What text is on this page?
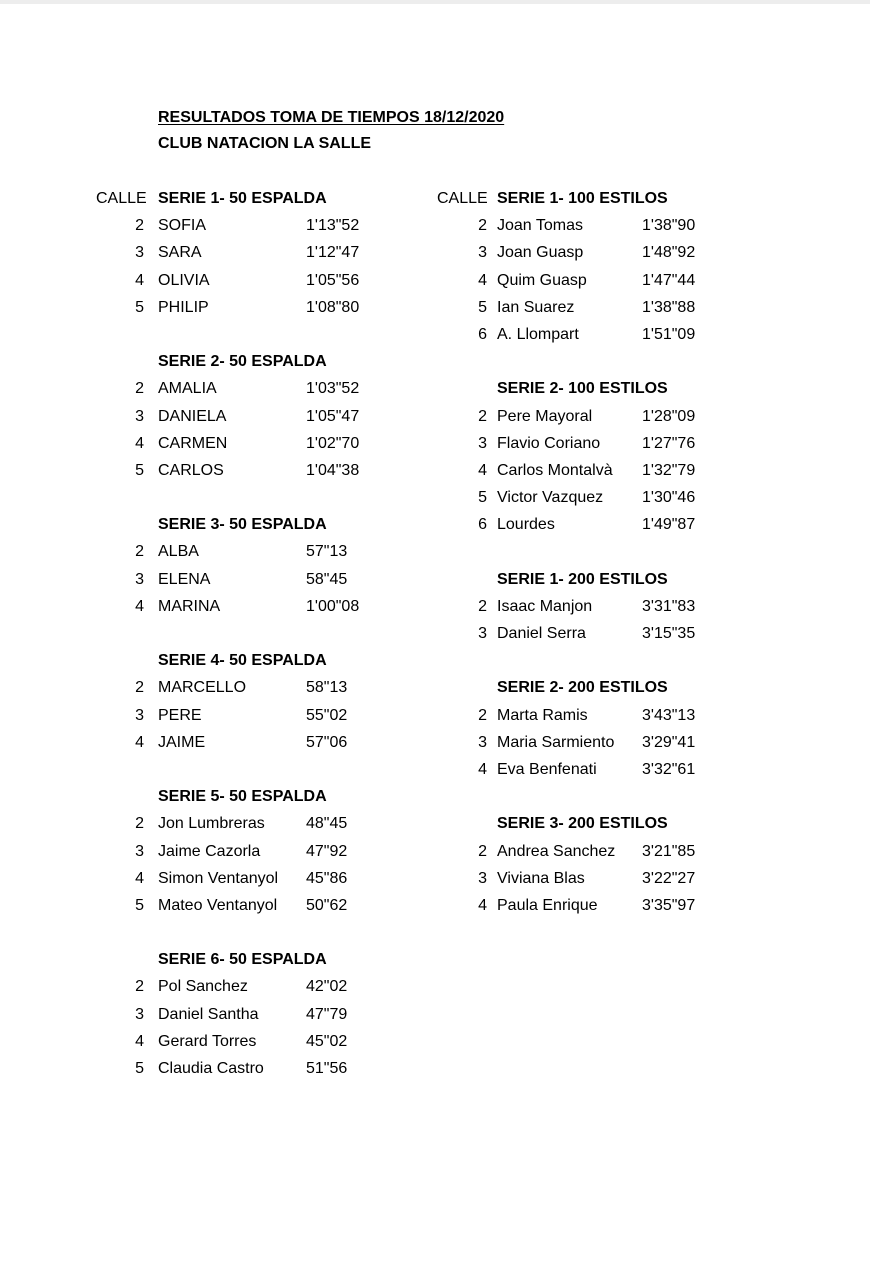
RESULTADOS TOMA DE TIEMPOS 18/12/2020
CLUB NATACION LA SALLE
CALLE SERIE 1- 50 ESPALDA
2 SOFIA	1'13"52
3 SARA	1'12"47
4 OLIVIA	1'05"56
5 PHILIP	1'08"80
SERIE 2- 50 ESPALDA
2 AMALIA	1'03"52
3 DANIELA	1'05"47
4 CARMEN	1'02"70
5 CARLOS	1'04"38
SERIE 3- 50 ESPALDA
2 ALBA	57"13
3 ELENA	58"45
4 MARINA	1'00"08
SERIE 4- 50 ESPALDA
2 MARCELLO	58"13
3 PERE	55"02
4 JAIME	57"06
SERIE 5- 50 ESPALDA
2 Jon Lumbreras	48"45
3 Jaime Cazorla	47"92
4 Simon Ventanyol 45"86
5 Mateo Ventanyol 50"62
SERIE 6- 50 ESPALDA
2 Pol Sanchez	42"02
3 Daniel Santha	47"79
4 Gerard Torres	45"02
5 Claudia Castro	51"56
CALLE SERIE 1- 100 ESTILOS
2 Joan Tomas	1'38"90
3 Joan Guasp	1'48"92
4 Quim Guasp	1'47"44
5 Ian Suarez	1'38"88
6 A. Llompart	1'51"09
SERIE 2- 100 ESTILOS
2 Pere Mayoral	1'28"09
3 Flavio Coriano	1'27"76
4 Carlos Montalvà 1'32"79
5 Victor Vazquez 1'30"46
6 Lourdes	1'49"87
SERIE 1- 200 ESTILOS
2 Isaac Manjon	3'31"83
3 Daniel Serra	3'15"35
SERIE 2- 200 ESTILOS
2 Marta Ramis	3'43"13
3 Maria Sarmiento 3'29"41
4 Eva Benfenati	3'32"61
SERIE 3- 200 ESTILOS
2 Andrea Sanchez 3'21"85
3 Viviana Blas	3'22"27
4 Paula Enrique	3'35"97
